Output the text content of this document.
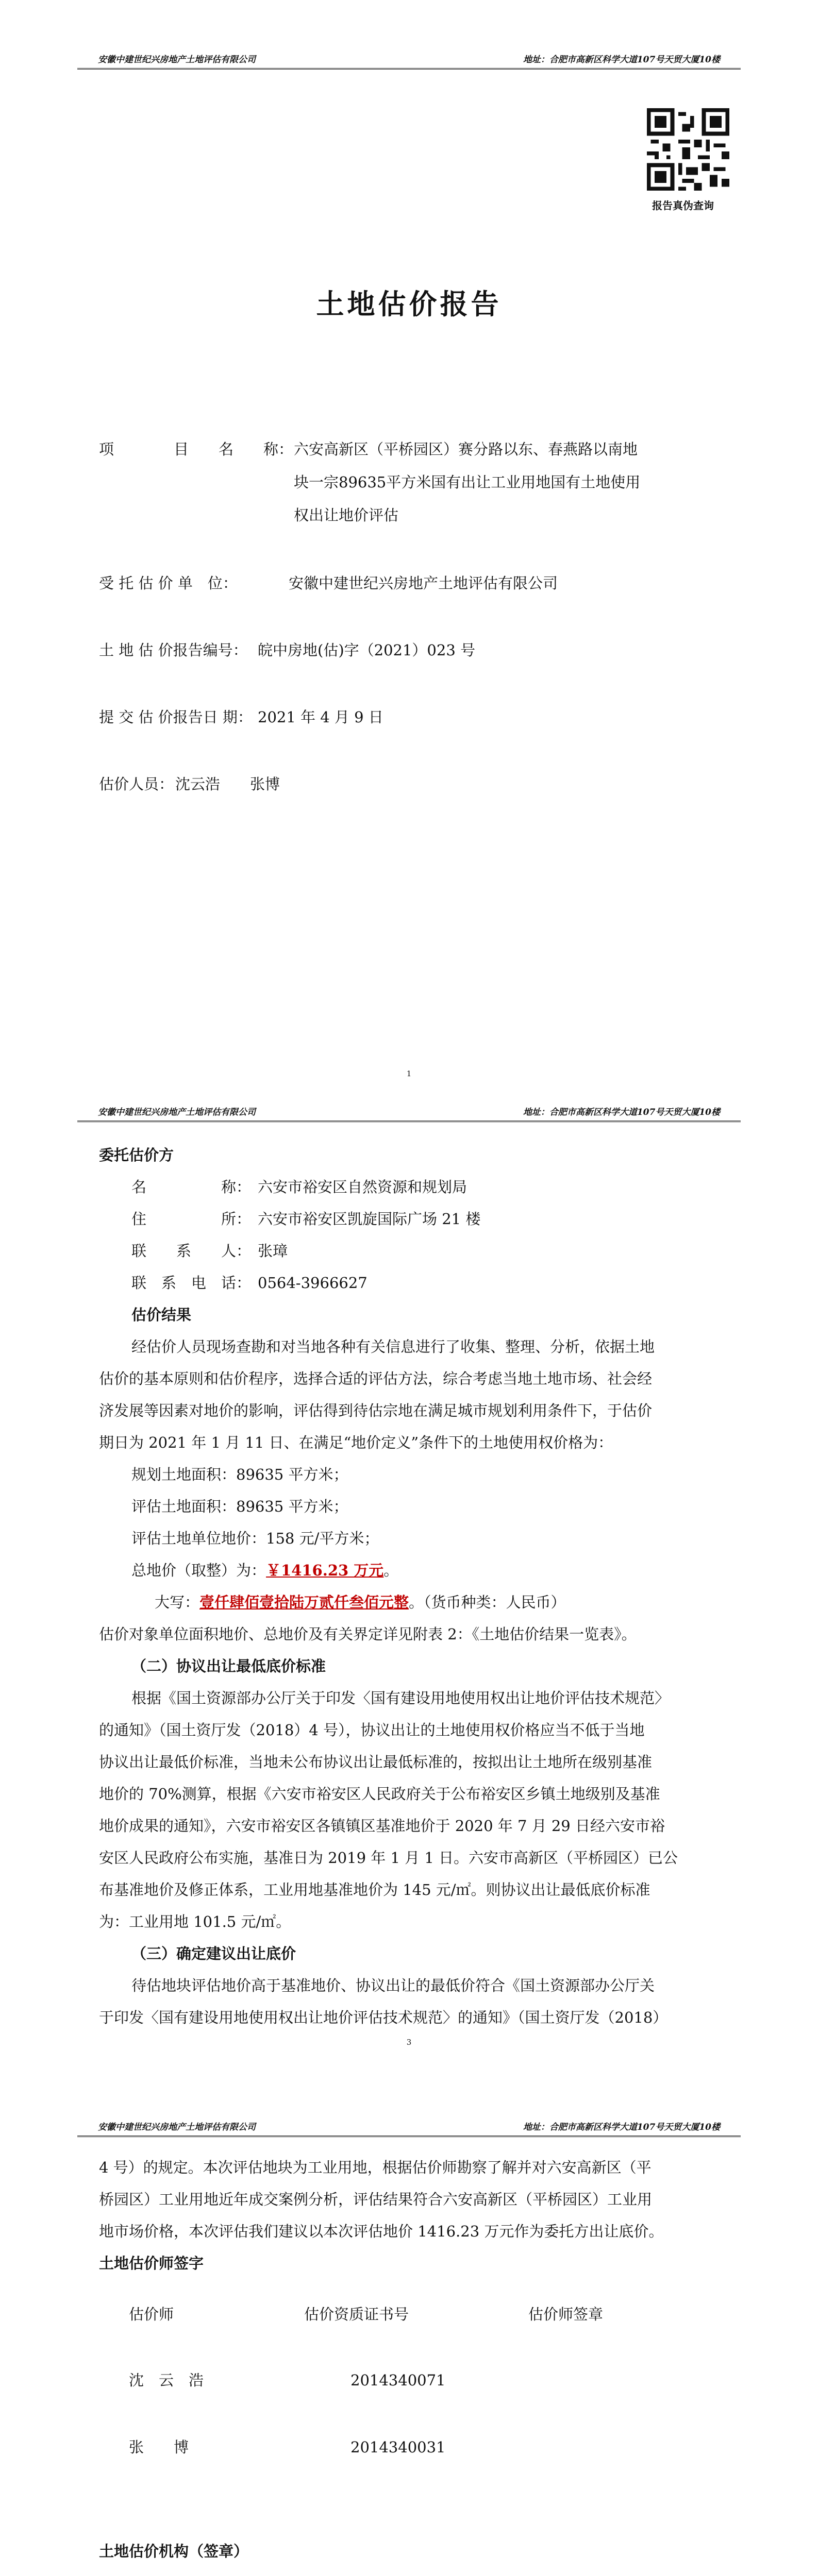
安徽中建世纪兴房地产土地评估有限公司	地址：合肥市高新区科学大道107号天贸大厦10楼
报告真伪查询
土地估价报告
项　　　　目　　名　　称： 六安高新区（平桥园区）赛分路以东、春燕路以南地
块一宗89635平方米国有出让工业用地国有土地使用
权出让地价评估
受 托 估 价 单　位：	安徽中建世纪兴房地产土地评估有限公司
土 地 估 价报告编号： 皖中房地(估)字（2021）023 号
提 交 估 价报告日 期： 2021 年 4 月 9 日
估价人员： 沈云浩　　张博
1
安徽中建世纪兴房地产土地评估有限公司	地址：合肥市高新区科学大道107号天贸大厦10楼
委托估价方
名　　　　　称： 六安市裕安区自然资源和规划局
住　　　　　所： 六安市裕安区凯旋国际广场 21 楼
联　　系　　人： 张璋
联　系　电　话： 0564-3966627
估价结果
经估价人员现场查勘和对当地各种有关信息进行了收集、整理、分析，依据土地
估价的基本原则和估价程序，选择合适的评估方法，综合考虑当地土地市场、社会经
济发展等因素对地价的影响，评估得到待估宗地在满足城市规划利用条件下，于估价
期日为 2021 年 1 月 11 日、在满足“地价定义”条件下的土地使用权价格为：
规划土地面积：89635 平方米；
评估土地面积：89635 平方米；
评估土地单位地价：158 元/平方米；
总地价（取整）为：￥1416.23 万元。
大写：壹仟肆佰壹拾陆万贰仟叁佰元整。（货币种类：人民币）
估价对象单位面积地价、总地价及有关界定详见附表 2：《土地估价结果一览表》。
（二）协议出让最低底价标准
根据《国土资源部办公厅关于印发〈国有建设用地使用权出让地价评估技术规范〉
的通知》（国土资厅发（2018）4 号），协议出让的土地使用权价格应当不低于当地
协议出让最低价标准，当地未公布协议出让最低标准的，按拟出让土地所在级别基准
地价的 70%测算，根据《六安市裕安区人民政府关于公布裕安区乡镇土地级别及基准
地价成果的通知》，六安市裕安区各镇镇区基准地价于 2020 年 7 月 29 日经六安市裕
安区人民政府公布实施，基准日为 2019 年 1 月 1 日。六安市高新区（平桥园区）已公
布基准地价及修正体系，工业用地基准地价为 145 元/㎡。则协议出让最低底价标准
为：工业用地 101.5 元/㎡。
（三）确定建议出让底价
待估地块评估地价高于基准地价、协议出让的最低价符合《国土资源部办公厅关
于印发〈国有建设用地使用权出让地价评估技术规范〉的通知》（国土资厅发（2018）
3
安徽中建世纪兴房地产土地评估有限公司	地址：合肥市高新区科学大道107号天贸大厦10楼
4 号）的规定。本次评估地块为工业用地，根据估价师勘察了解并对六安高新区（平
桥园区）工业用地近年成交案例分析，评估结果符合六安高新区（平桥园区）工业用
地市场价格，本次评估我们建议以本次评估地价 1416.23 万元作为委托方出让底价。
土地估价师签字
估价师	估价资质证书号	估价师签章
沈　云　浩	2014340071
张　　博	2014340031
土地估价机构（签章）
